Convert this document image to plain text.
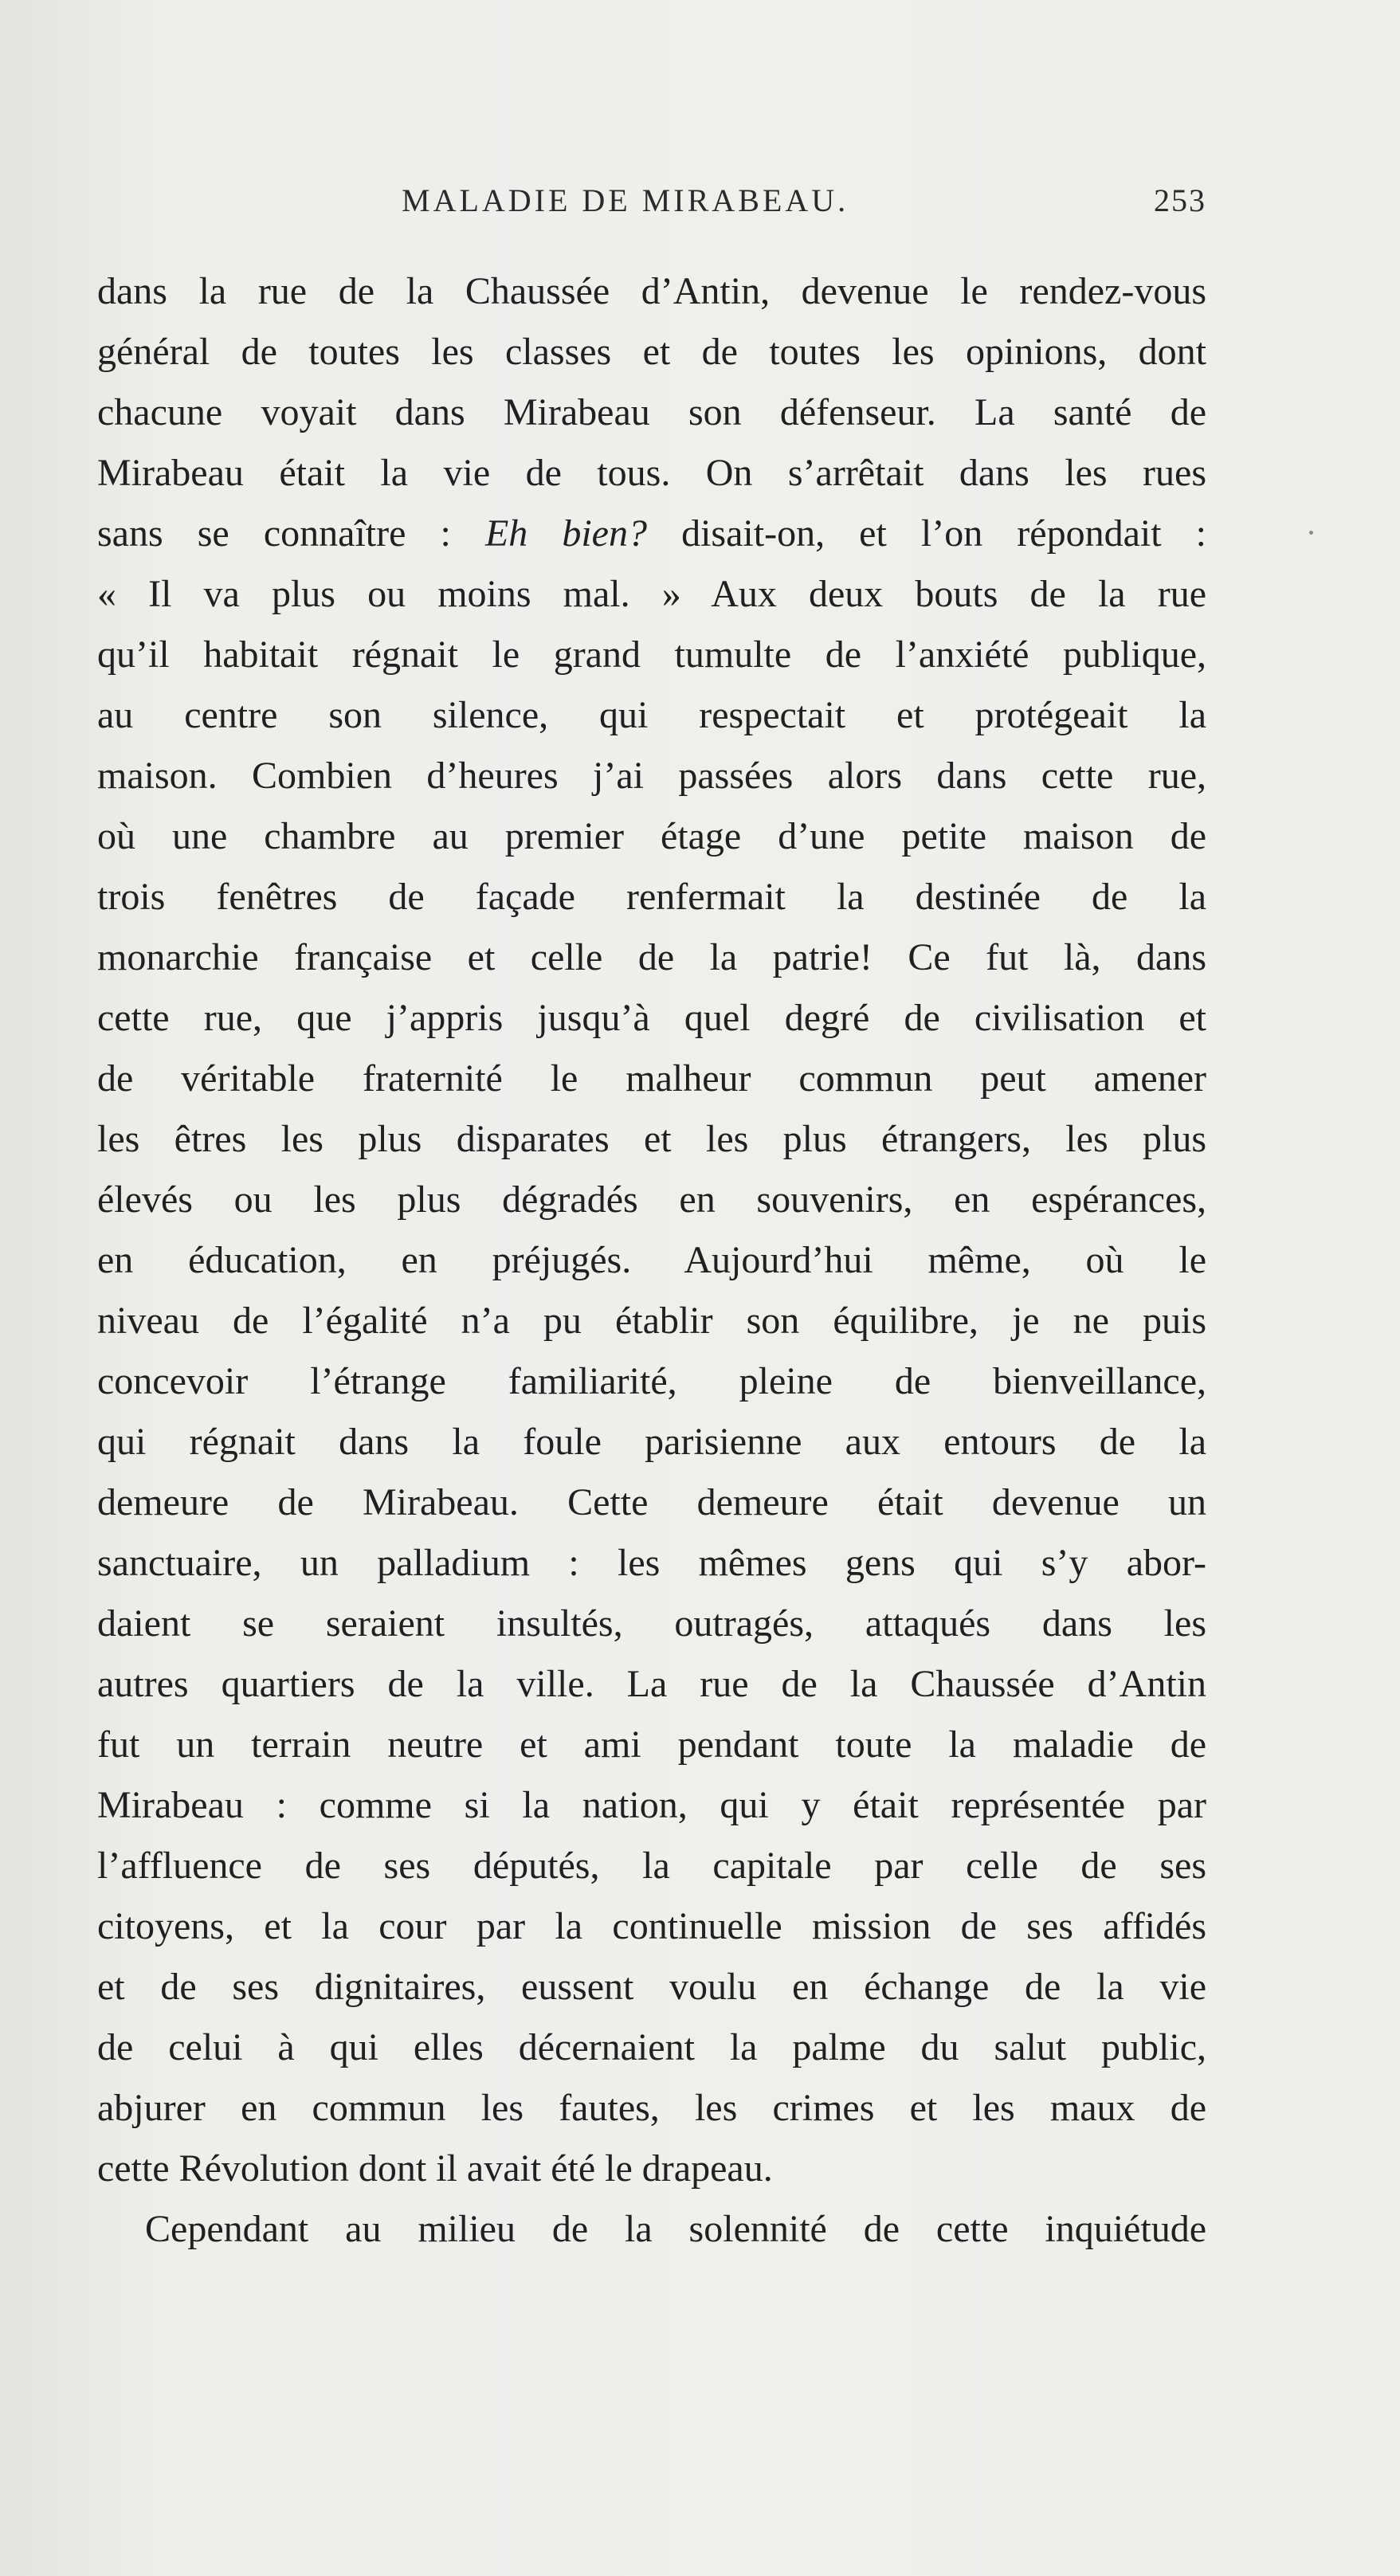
MALADIE DE MIRABEAU.	253
dans la rue de la Chaussée d’Antin, devenue le rendez-vous
général de toutes les classes et de toutes les opinions, dont
chacune voyait dans Mirabeau son défenseur. La santé de
Mirabeau était la vie de tous. On s’arrêtait dans les rues
sans se connaître : Eh bien? disait-on, et l’on répondait :
« Il va plus ou moins mal. » Aux deux bouts de la rue
qu’il habitait régnait le grand tumulte de l’anxiété publique,
au centre son silence, qui respectait et protégeait la
maison. Combien d’heures j’ai passées alors dans cette rue,
où une chambre au premier étage d’une petite maison de
trois fenêtres de façade renfermait la destinée de la
monarchie française et celle de la patrie! Ce fut là, dans
cette rue, que j’appris jusqu’à quel degré de civilisation et
de véritable fraternité le malheur commun peut amener
les êtres les plus disparates et les plus étrangers, les plus
élevés ou les plus dégradés en souvenirs, en espérances,
en éducation, en préjugés. Aujourd’hui même, où le
niveau de l’égalité n’a pu établir son équilibre, je ne puis
concevoir l’étrange familiarité, pleine de bienveillance,
qui régnait dans la foule parisienne aux entours de la
demeure de Mirabeau. Cette demeure était devenue un
sanctuaire, un palladium : les mêmes gens qui s’y abor-
daient se seraient insultés, outragés, attaqués dans les
autres quartiers de la ville. La rue de la Chaussée d’Antin
fut un terrain neutre et ami pendant toute la maladie de
Mirabeau : comme si la nation, qui y était représentée par
l’affluence de ses députés, la capitale par celle de ses
citoyens, et la cour par la continuelle mission de ses affidés
et de ses dignitaires, eussent voulu en échange de la vie
de celui à qui elles décernaient la palme du salut public,
abjurer en commun les fautes, les crimes et les maux de
cette Révolution dont il avait été le drapeau.
Cependant au milieu de la solennité de cette inquiétude
